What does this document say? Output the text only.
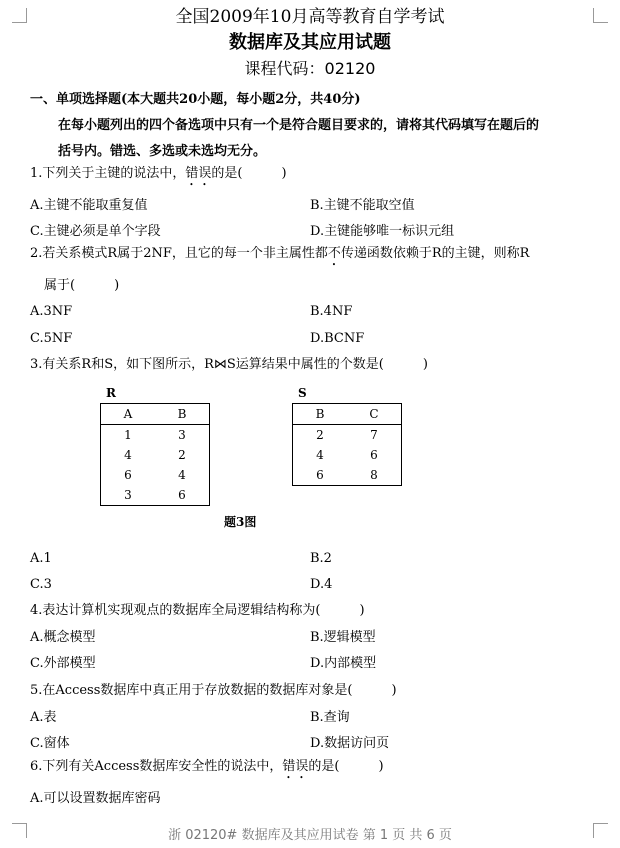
全国2009年10月高等教育自学考试
数据库及其应用试题
课程代码：02120
一、单项选择题(本大题共20小题，每小题2分，共40分)
在每小题列出的四个备选项中只有一个是符合题目要求的，请将其代码填写在题后的
括号内。错选、多选或未选均无分。
1.下列关于主键的说法中，错误的是(　　　)
A.主键不能取重复值	B.主键不能取空值
C.主键必须是单个字段	D.主键能够唯一标识元组
2.若关系模式R属于2NF，且它的每一个非主属性都不传递函数依赖于R的主键，则称R
属于(　　　)
A.3NF	B.4NF
C.5NF	D.BCNF
3.有关系R和S，如下图所示，R⋈S运算结果中属性的个数是(　　　)
R
A	B
1	3
4	2
6	4
3	6
S
B	C
2	7
4	6
6	8
题3图
A.1	B.2
C.3	D.4
4.表达计算机实现观点的数据库全局逻辑结构称为(　　　)
A.概念模型	B.逻辑模型
C.外部模型	D.内部模型
5.在Access数据库中真正用于存放数据的数据库对象是(　　　)
A.表	B.查询
C.窗体	D.数据访问页
6.下列有关Access数据库安全性的说法中，错误的是(　　　)
A.可以设置数据库密码
浙 02120# 数据库及其应用试卷 第 1 页 共 6 页
